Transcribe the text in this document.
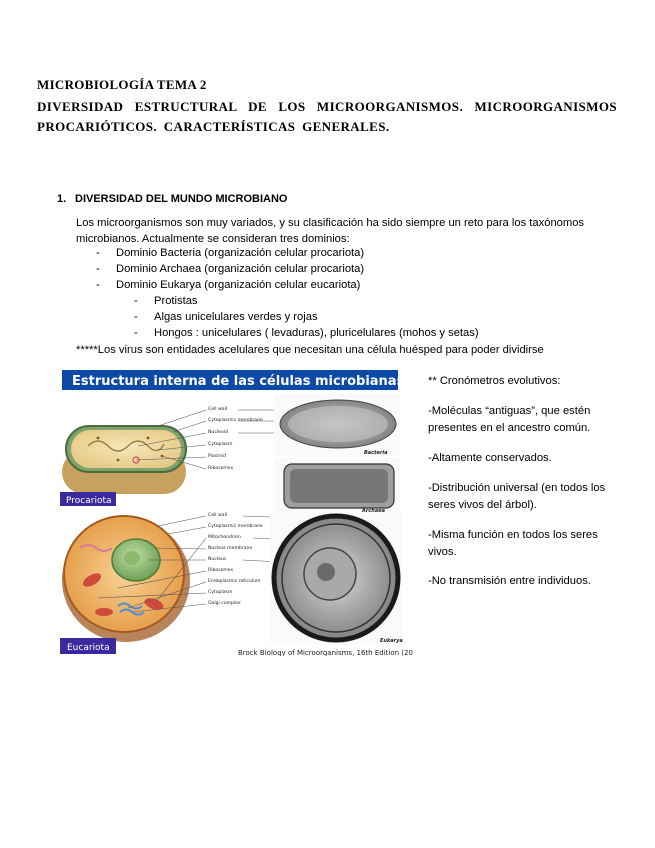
MICROBIOLOGÍA TEMA 2
DIVERSIDAD ESTRUCTURAL DE LOS MICROORGANISMOS. MICROORGANISMOS PROCARIÓTICOS. CARACTERÍSTICAS GENERALES.
1. DIVERSIDAD DEL MUNDO MICROBIANO
Los microorganismos son muy variados, y su clasificación ha sido siempre un reto para los taxónomos
microbianos. Actualmente se consideran tres dominios:
- Dominio Bacteria (organización celular procariota)
- Dominio Archaea (organización celular procariota)
- Dominio Eukarya (organización celular eucariota)
- Protistas
- Algas unicelulares verdes y rojas
- Hongos : unicelulares ( levaduras), pluricelulares (mohos y setas)
*****Los virus son entidades acelulares que necesitan una célula huésped para poder dividirse
Estructura interna de las células microbianas
Cell wall
Cytoplasmic membrane
Nucleoid
Cytoplasm
Plasmid
Ribosomes
Bacteria
Archaea
Procariota
Cell wall
Cytoplasmic membrane
Mitochondrion
Nuclear membrane
Nucleus
Ribosomes
Endoplasmic reticulum
Cytoplasm
Golgi complex
Eukarya
Eucariota	Brock Biology of Microorganisms, 16th Edition (20
** Cronómetros evolutivos:
-Moléculas “antiguas”, que estén presentes en el ancestro común.
-Altamente conservados.
-Distribución universal (en todos los seres vivos del árbol).
-Misma función en todos los seres vivos.
-No transmisión entre individuos.
